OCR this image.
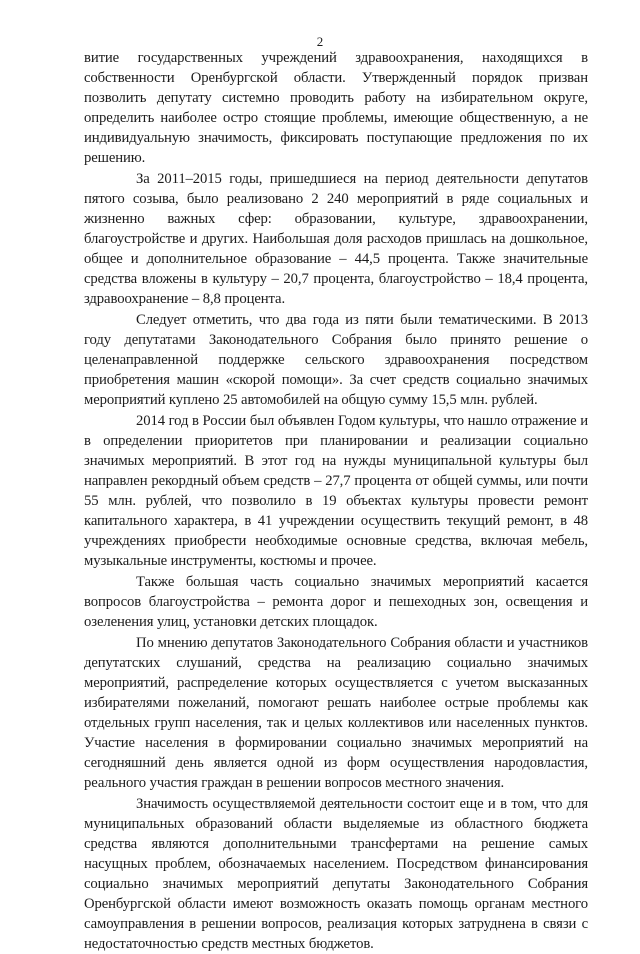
2

витие государственных учреждений здравоохранения, находящихся в собственности Оренбургской области. Утвержденный порядок призван позволить депутату системно проводить работу на избирательном округе, определить наиболее остро стоящие проблемы, имеющие общественную, а не индивидуальную значимость, фиксировать поступающие предложения по их решению.

За 2011–2015 годы, пришедшиеся на период деятельности депутатов пятого созыва, было реализовано 2 240 мероприятий в ряде социальных и жизненно важных сфер: образовании, культуре, здравоохранении, благоустройстве и других. Наибольшая доля расходов пришлась на дошкольное, общее и дополнительное образование – 44,5 процента. Также значительные средства вложены в культуру – 20,7 процента, благоустройство – 18,4 процента, здравоохранение – 8,8 процента.

Следует отметить, что два года из пяти были тематическими. В 2013 году депутатами Законодательного Собрания было принято решение о целенаправленной поддержке сельского здравоохранения посредством приобретения машин «скорой помощи». За счет средств социально значимых мероприятий куплено 25 автомобилей на общую сумму 15,5 млн. рублей.

2014 год в России был объявлен Годом культуры, что нашло отражение и в определении приоритетов при планировании и реализации социально значимых мероприятий. В этот год на нужды муниципальной культуры был направлен рекордный объем средств – 27,7 процента от общей суммы, или почти 55 млн. рублей, что позволило в 19 объектах культуры провести ремонт капитального характера, в 41 учреждении осуществить текущий ремонт, в 48 учреждениях приобрести необходимые основные средства, включая мебель, музыкальные инструменты, костюмы и прочее.

Также большая часть социально значимых мероприятий касается вопросов благоустройства – ремонта дорог и пешеходных зон, освещения и озеленения улиц, установки детских площадок.

По мнению депутатов Законодательного Собрания области и участников депутатских слушаний, средства на реализацию социально значимых мероприятий, распределение которых осуществляется с учетом высказанных избирателями пожеланий, помогают решать наиболее острые проблемы как отдельных групп населения, так и целых коллективов или населенных пунктов. Участие населения в формировании социально значимых мероприятий на сегодняшний день является одной из форм осуществления народовластия, реального участия граждан в решении вопросов местного значения.

Значимость осуществляемой деятельности состоит еще и в том, что для муниципальных образований области выделяемые из областного бюджета средства являются дополнительными трансфертами на решение самых насущных проблем, обозначаемых населением. Посредством финансирования социально значимых мероприятий депутаты Законодательного Собрания Оренбургской области имеют возможность оказать помощь органам местного самоуправления в решении вопросов, реализация которых затруднена в связи с недостаточностью средств местных бюджетов.
